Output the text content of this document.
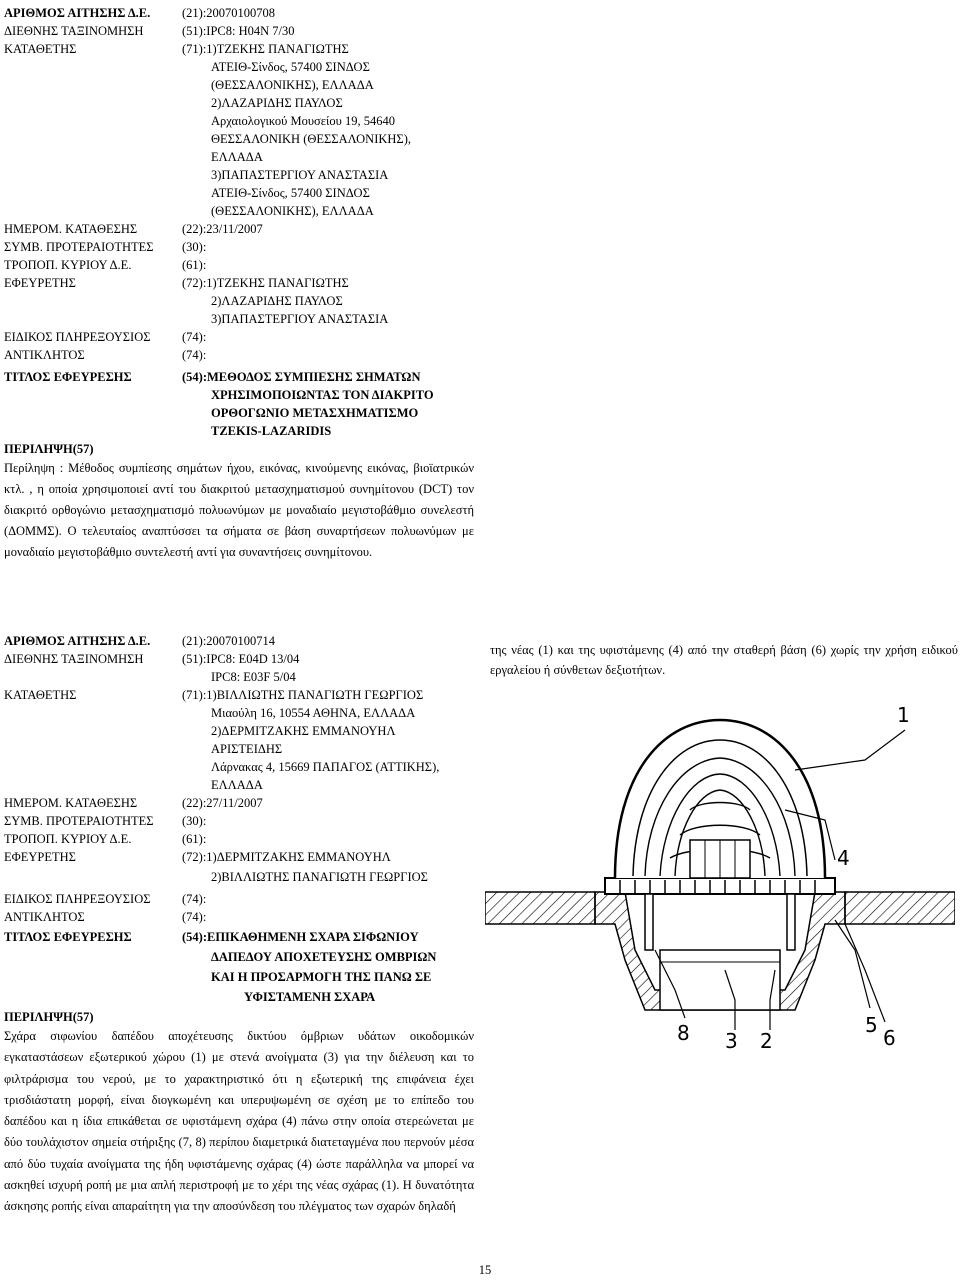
ΑΡΙΘΜΟΣ ΑΙΤΗΣΗΣ Δ.Ε.	(21):20070100708
ΔΙΕΘΝΗΣ ΤΑΞΙΝΟΜΗΣΗ	(51):IPC8: H04N 7/30
ΚΑΤΑΘΕΤΗΣ	(71):1)ΤΖΕΚΗΣ ΠΑΝΑΓΙΩΤΗΣ
ΑΤΕΙΘ-Σίνδος, 57400 ΣΙΝΔΟΣ
(ΘΕΣΣΑΛΟΝΙΚΗΣ), ΕΛΛΑΔΑ
2)ΛΑΖΑΡΙΔΗΣ ΠΑΥΛΟΣ
Αρχαιολογικού Μουσείου 19, 54640
ΘΕΣΣΑΛΟΝΙΚΗ (ΘΕΣΣΑΛΟΝΙΚΗΣ),
ΕΛΛΑΔΑ
3)ΠΑΠΑΣΤΕΡΓΙΟΥ ΑΝΑΣΤΑΣΙΑ
ΑΤΕΙΘ-Σίνδος, 57400 ΣΙΝΔΟΣ
(ΘΕΣΣΑΛΟΝΙΚΗΣ), ΕΛΛΑΔΑ
ΗΜΕΡΟΜ. ΚΑΤΑΘΕΣΗΣ	(22):23/11/2007
ΣΥΜΒ. ΠΡΟΤΕΡΑΙΟΤΗΤΕΣ (30):
ΤΡΟΠΟΠ. ΚΥΡΙΟΥ Δ.Ε.	(61):
ΕΦΕΥΡΕΤΗΣ	(72):1)ΤΖΕΚΗΣ ΠΑΝΑΓΙΩΤΗΣ
2)ΛΑΖΑΡΙΔΗΣ ΠΑΥΛΟΣ
3)ΠΑΠΑΣΤΕΡΓΙΟΥ ΑΝΑΣΤΑΣΙΑ
ΕΙΔΙΚΟΣ ΠΛΗΡΕΞΟΥΣΙΟΣ	(74):
ΑΝΤΙΚΛΗΤΟΣ	(74):
ΤΙΤΛΟΣ ΕΦΕΥΡΕΣΗΣ	(54):ΜΕΘΟΔΟΣ ΣΥΜΠΙΕΣΗΣ ΣΗΜΑΤΩΝ
ΧΡΗΣΙΜΟΠΟΙΩΝΤΑΣ ΤΟΝ ΔΙΑΚΡΙΤΟ
ΟΡΘΟΓΩΝΙΟ ΜΕΤΑΣΧΗΜΑΤΙΣΜΟ
TZEKIS-LAZARIDIS
ΠΕΡΙΛΗΨΗ(57)
Περίληψη : Μέθοδος συμπίεσης σημάτων ήχου, εικόνας, κινούμενης εικόνας, βιοϊατρικών κτλ. , η οποία χρησιμοποιεί αντί του διακριτού μετασχηματισμού συνημίτονου (DCT) τον διακριτό ορθογώνιο μετασχηματισμό πολυωνύμων με μοναδιαίο μεγιστοβάθμιο συνελεστή (ΔΟΜΜΣ). Ο τελευταίος αναπτύσσει τα σήματα σε βάση συναρτήσεων πολυωνύμων με μοναδιαίο μεγιστοβάθμιο συντελεστή αντί για συναντήσεις συνημίτονου.
ΑΡΙΘΜΟΣ ΑΙΤΗΣΗΣ Δ.Ε.	(21):20070100714
ΔΙΕΘΝΗΣ ΤΑΞΙΝΟΜΗΣΗ	(51):IPC8: E04D 13/04
IPC8: E03F 5/04
ΚΑΤΑΘΕΤΗΣ	(71):1)ΒΙΛΛΙΩΤΗΣ ΠΑΝΑΓΙΩΤΗ ΓΕΩΡΓΙΟΣ
Μιαούλη 16, 10554 ΑΘΗΝΑ, ΕΛΛΑΔΑ
2)ΔΕΡΜΙΤΖΑΚΗΣ ΕΜΜΑΝΟΥΗΛ
ΑΡΙΣΤΕΙΔΗΣ
Λάρνακας 4, 15669 ΠΑΠΑΓΟΣ (ΑΤΤΙΚΗΣ),
ΕΛΛΑΔΑ
ΗΜΕΡΟΜ. ΚΑΤΑΘΕΣΗΣ	(22):27/11/2007
ΣΥΜΒ. ΠΡΟΤΕΡΑΙΟΤΗΤΕΣ (30):
ΤΡΟΠΟΠ. ΚΥΡΙΟΥ Δ.Ε.	(61):
ΕΦΕΥΡΕΤΗΣ	(72):1)ΔΕΡΜΙΤΖΑΚΗΣ ΕΜΜΑΝΟΥΗΛ
2)ΒΙΛΛΙΩΤΗΣ ΠΑΝΑΓΙΩΤΗ ΓΕΩΡΓΙΟΣ
ΕΙΔΙΚΟΣ ΠΛΗΡΕΞΟΥΣΙΟΣ	(74):
ΑΝΤΙΚΛΗΤΟΣ	(74):
ΤΙΤΛΟΣ ΕΦΕΥΡΕΣΗΣ	(54):ΕΠΙΚΑΘΗΜΕΝΗ ΣΧΑΡΑ ΣΙΦΩΝΙΟΥ
ΔΑΠΕΔΟΥ ΑΠΟΧΕΤΕΥΣΗΣ ΟΜΒΡΙΩΝ
ΚΑΙ Η ΠΡΟΣΑΡΜΟΓΗ ΤΗΣ ΠΑΝΩ ΣΕ
ΥΦΙΣΤΑΜΕΝΗ ΣΧΑΡΑ
ΠΕΡΙΛΗΨΗ(57)
Σχάρα σιφωνίου δαπέδου αποχέτευσης δικτύου όμβριων υδάτων οικοδομικών εγκαταστάσεων εξωτερικού χώρου (1) με στενά ανοίγματα (3) για την διέλευση και το φιλτράρισμα του νερού, με το χαρακτηριστικό ότι η εξωτερική της επιφάνεια έχει τρισδιάστατη μορφή, είναι διογκωμένη και υπερυψωμένη σε σχέση με το επίπεδο του δαπέδου και η ίδια επικάθεται σε υφιστάμενη σχάρα (4) πάνω στην οποία στερεώνεται με δύο τουλάχιστον σημεία στήριξης (7, 8) περίπου διαμετρικά διατεταγμένα που περνούν μέσα από δύο τυχαία ανοίγματα της ήδη υφιστάμενης σχάρας (4) ώστε παράλληλα να μπορεί να ασκηθεί ισχυρή ροπή με μια απλή περιστροφή με το χέρι της νέας σχάρας (1). Η δυνατότητα άσκησης ροπής είναι απαραίτητη για την αποσύνδεση του πλέγματος των σχαρών δηλαδή
της νέας (1) και της υφιστάμενης (4) από την σταθερή βάση (6) χωρίς την χρήση ειδικού εργαλείου ή σύνθετων δεξιοτήτων.
1
4
2
3
5
6
8
15
